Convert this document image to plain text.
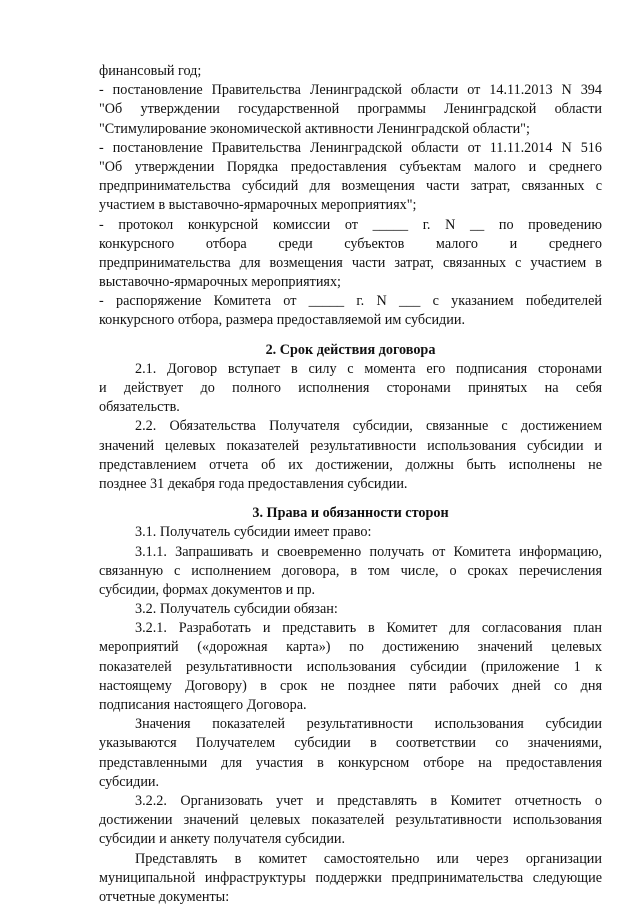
финансовый год;
- постановление Правительства Ленинградской области от 14.11.2013 N 394
"Об утверждении государственной программы Ленинградской области
"Стимулирование экономической активности Ленинградской области";
- постановление Правительства Ленинградской области от 11.11.2014 N 516
"Об утверждении Порядка предоставления субъектам малого и среднего
предпринимательства субсидий для возмещения части затрат, связанных с
участием в выставочно-ярмарочных мероприятиях";
- протокол конкурсной комиссии от _____ г. N __ по проведению
конкурсного отбора среди субъектов малого и среднего
предпринимательства для возмещения части затрат, связанных с участием в
выставочно-ярмарочных мероприятиях;
- распоряжение Комитета от _____ г. N ___ с указанием победителей
конкурсного отбора, размера предоставляемой им субсидии.
2. Срок действия договора
2.1. Договор вступает в силу с момента его подписания сторонами
и действует до полного исполнения сторонами принятых на себя
обязательств.
2.2. Обязательства Получателя субсидии, связанные с достижением
значений целевых показателей результативности использования субсидии и
представлением отчета об их достижении, должны быть исполнены не
позднее 31 декабря года предоставления субсидии.
3. Права и обязанности сторон
3.1. Получатель субсидии имеет право:
3.1.1. Запрашивать и своевременно получать от Комитета информацию,
связанную с исполнением договора, в том числе, о сроках перечисления
субсидии, формах документов и пр.
3.2. Получатель субсидии обязан:
3.2.1. Разработать и представить в Комитет для согласования план
мероприятий («дорожная карта») по достижению значений целевых
показателей результативности использования субсидии (приложение 1 к
настоящему Договору) в срок не позднее пяти рабочих дней со дня
подписания настоящего Договора.
Значения показателей результативности использования субсидии
указываются Получателем субсидии в соответствии со значениями,
представленными для участия в конкурсном отборе на предоставления
субсидии.
3.2.2. Организовать учет и представлять в Комитет отчетность о
достижении значений целевых показателей результативности использования
субсидии и анкету получателя субсидии.
Представлять в комитет самостоятельно или через организации
муниципальной инфраструктуры поддержки предпринимательства следующие
отчетные документы:
